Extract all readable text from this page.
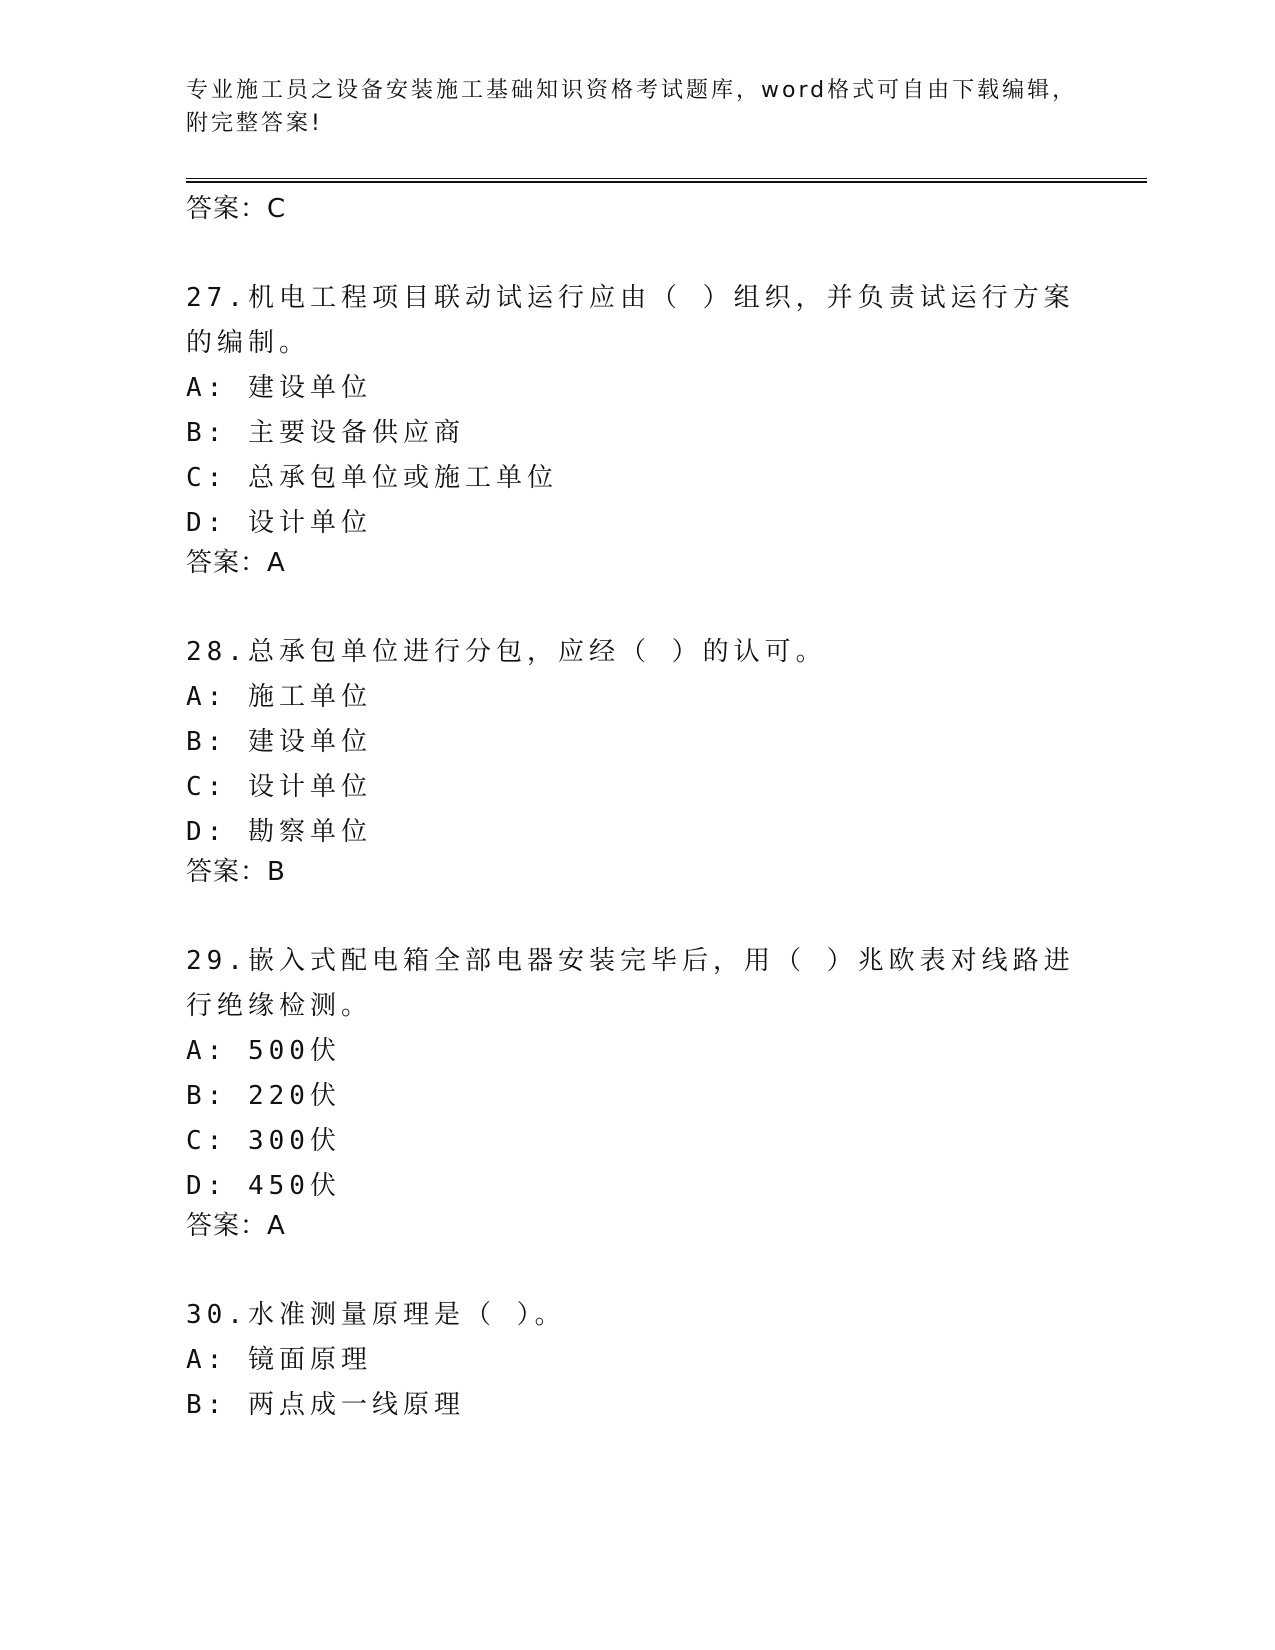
专业施工员之设备安装施工基础知识资格考试题库，word格式可自由下载编辑，
附完整答案!
答案：C
27.机电工程项目联动试运行应由（ ）组织，并负责试运行方案的编制。
A: 建设单位
B: 主要设备供应商
C: 总承包单位或施工单位
D: 设计单位
答案：A
28.总承包单位进行分包，应经（ ）的认可。
A: 施工单位
B: 建设单位
C: 设计单位
D: 勘察单位
答案：B
29.嵌入式配电箱全部电器安装完毕后，用（ ）兆欧表对线路进行绝缘检测。
A: 500伏
B: 220伏
C: 300伏
D: 450伏
答案：A
30.水准测量原理是（ ）。
A: 镜面原理
B: 两点成一线原理
